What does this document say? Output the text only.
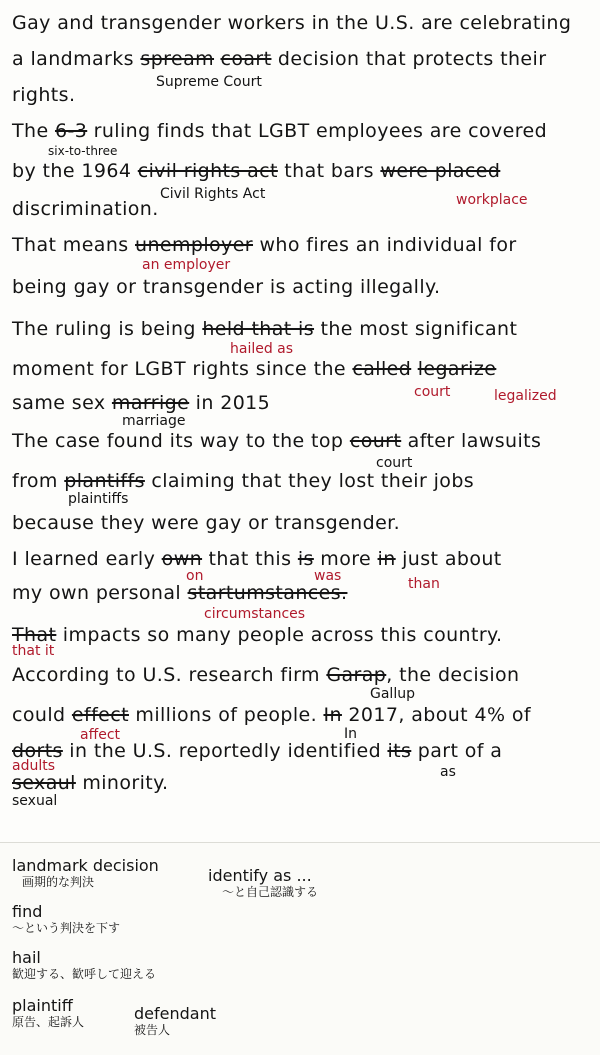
Gay and transgender workers in the U.S. are celebrating
a landmarks spream coart decision that protects their
Supreme Court
rights.
The 6-3 ruling finds that LGBT employees are covered
six-to-three
by the 1964 civil rights act that bars were placed
Civil Rights Act	workplace
discrimination.
That means unemployer who fires an individual for
an employer
being gay or transgender is acting illegally.
The ruling is being held that is the most significant
hailed as
moment for LGBT rights since the called legarize
court	legalized
same sex marrige in 2015
marriage
The case found its way to the top court after lawsuits
court
from plantiffs claiming that they lost their jobs
plaintiffs
because they were gay or transgender.
I learned early own that this is more in just about
on	was	than
my own personal startumstances.
circumstances
That impacts so many people across this country.
that it
According to U.S. research firm Garap, the decision
Gallup
could effect millions of people. In 2017, about 4% of
In
affect
dorts in the U.S. reportedly identified its part of a
adults	as
sexaul minority.
sexual
landmark decision
画期的な判決
find
〜という判決を下す
hail
歓迎する、歓呼して迎える
plaintiff
原告、起訴人	defendant
被告人
identify as ...
〜と自己認識する
